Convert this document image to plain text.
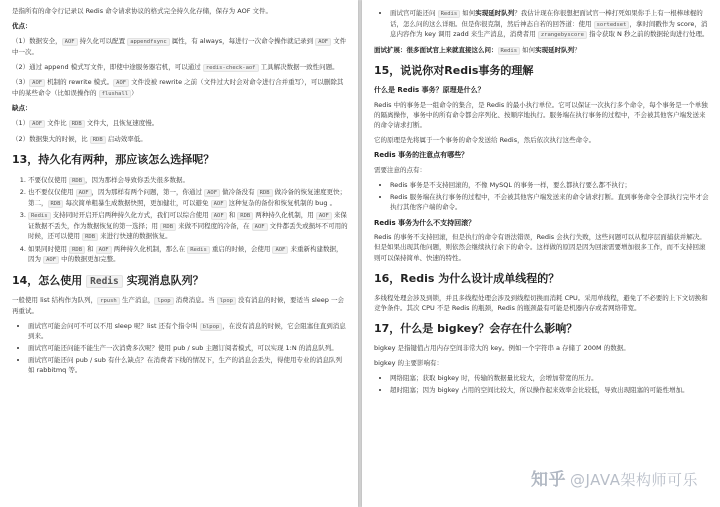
是指所有的命令行记录以 Redis 命令请求协议的格式完全持久化存储，保存为 AOF 文件。

优点：

（1）数据安全， AOF 持久化可以配置 appendfsync 属性，有 always，每进行一次命令操作就记录到 AOF 文件中一次。

（2）通过 append 模式写文件，即使中途服务器宕机，可以通过 redis-check-aof 工具解决数据一致性问题。

（3） AOF 机制的 rewrite 模式。 AOF 文件没被 rewrite 之前（文件过大时会对命令进行合并重写），可以删除其中的某些命令（比如误操作的 flushall ）

缺点：

（1） AOF 文件比 RDB 文件大，且恢复速度慢。

（2）数据集大的时候，比 RDB 启动效率低。

13，持久化有两种，那应该怎么选择呢？
1. 不要仅仅使用 RDB ，因为那样会导致你丢失很多数据。
2. 也不要仅仅使用 AOF ，因为那样有两个问题，第一，你通过 AOF 做冷备没有 RDB 做冷备的恢复速度更快；第二， RDB 每次简单粗暴生成数据快照，更加健壮，可以避免 AOF 这种复杂的备份和恢复机制的 bug 。
3. Redis 支持同时开启开启两种持久化方式，我们可以综合使用 AOF 和 RDB 两种持久化机制，用 AOF 来保证数据不丢失，作为数据恢复的第一选择；用 RDB 来做不同程度的冷备，在 AOF 文件都丢失或损坏不可用的时候，还可以使用 RDB 来进行快速的数据恢复。
4. 如果同时使用 RDB 和 AOF 两种持久化机制，那么在 Redis 重启的时候，会使用 AOF 来重新构建数据，因为 AOF 中的数据更加完整。
14，怎么使用 Redis 实现消息队列？

一般使用 list 结构作为队列， rpush 生产消息， lpop 消费消息。当 lpop 没有消息的时候，要适当 sleep 一会再重试。

• 面试官可能会问可不可以不用 sleep 呢？list 还有个指令叫 blpop ，在没有消息的时候，它会阻塞住直到消息到来。
• 面试官可能还问能不能生产一次消费多次呢？使用 pub / sub 主题订阅者模式，可以实现 1:N 的消息队列。
• 面试官可能还问 pub / sub 有什么缺点？在消费者下线的情况下，生产的消息会丢失，得使用专业的消息队列如 rabbitmq 等。
• 面试官可能还问 Redis 如何实现延时队列？我估计现在你很想把面试官一棒打死如果你手上有一根棒球棍的话，怎么问的这么详细。但是你很克制，然后神态自若的回答道：使用 sortedset ，拿时间戳作为 score，消息内容作为 key 调用 zadd 来生产消息，消费者用 zrangebyscore 指令获取 N 秒之前的数据轮询进行处理。

面试扩展：很多面试官上来就直接这么问： Redis 如何实现延时队列？

15，说说你对Redis事务的理解
什么是 Redis 事务？原理是什么？

Redis 中的事务是一组命令的集合，是 Redis 的最小执行单位。它可以保证一次执行多个命令，每个事务是一个单独的隔离操作，事务中的所有命令都会序列化、按顺序地执行。服务端在执行事务的过程中，不会被其他客户端发送来的命令请求打断。

它的原理是先将属于一个事务的命令发送给 Redis，然后依次执行这些命令。

Redis 事务的注意点有哪些？

需要注意的点有：

• Redis 事务是不支持回滚的，不像 MySQL 的事务一样，要么都执行要么都不执行；
• Redis 服务端在执行事务的过程中，不会被其他客户端发送来的命令请求打断。直到事务命令全部执行完毕才会执行其他客户端的命令。
Redis 事务为什么不支持回滚？

Redis 的事务不支持回滚，但是执行的命令有语法错误，Redis 会执行失败，这些问题可以从程序层面捕获并解决。但是如果出现其他问题，则依然会继续执行余下的命令。这样做的原因是因为回滚需要增加很多工作，而不支持回滚则可以保持简单、快速的特性。

16，Redis 为什么设计成单线程的？

多线程处理会涉及到锁，并且多线程处理会涉及到线程切换而消耗 CPU。采用单线程，避免了不必要的上下文切换和竞争条件。其次 CPU 不是 Redis 的瓶颈，Redis 的瓶颈最有可能是机器内存或者网络带宽。

17，什么是 bigkey？会存在什么影响？

bigkey 是指键值占用内存空间非常大的 key。例如一个字符串 a 存储了 200M 的数据。

bigkey 的主要影响有：

• 网络阻塞；获取 bigkey 时，传输的数据量比较大，会增加带宽的压力。
• 超时阻塞；因为 bigkey 占用的空间比较大，所以操作起来效率会比较低，导致出现阻塞的可能性增加。
知乎 @JAVA架构师可乐
